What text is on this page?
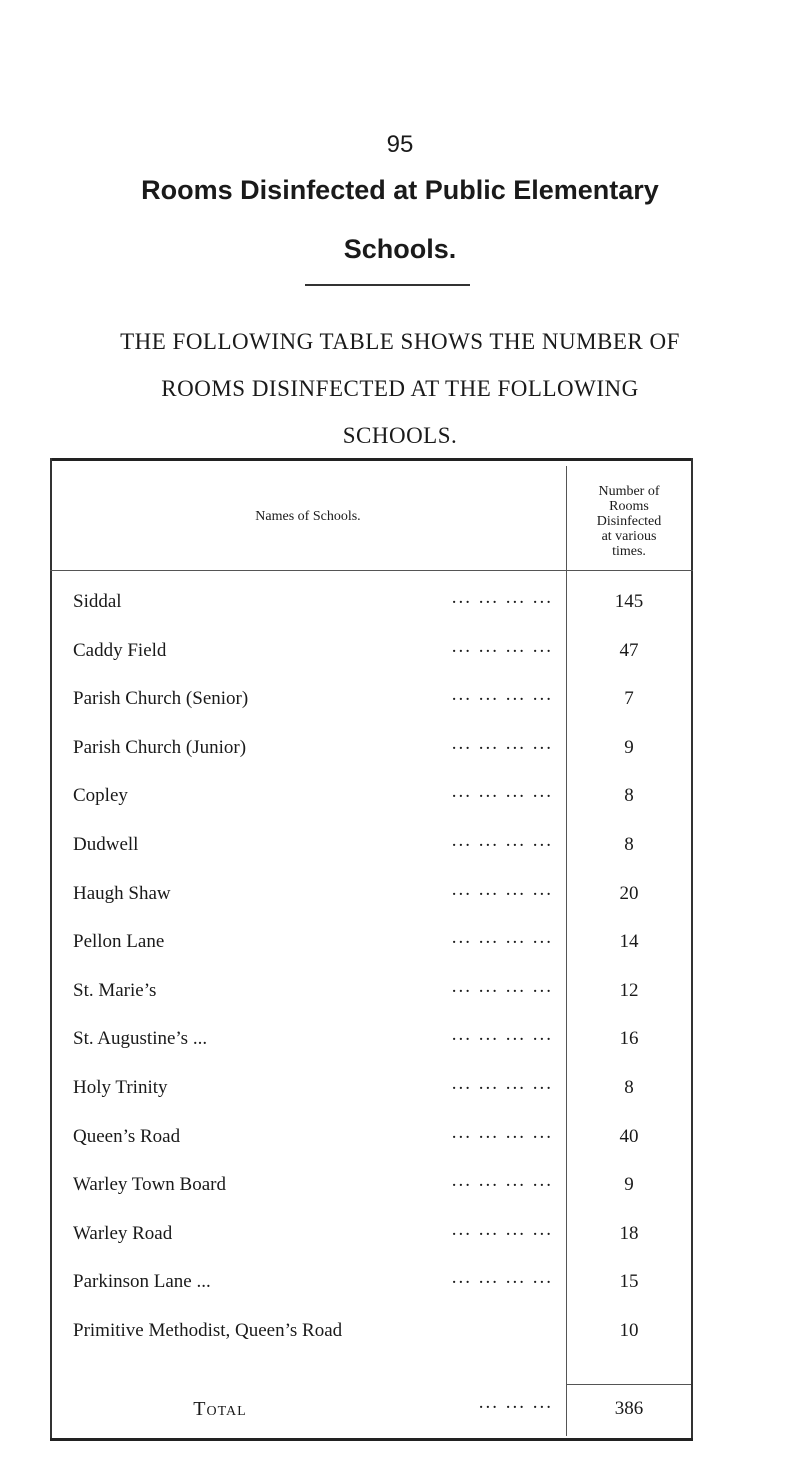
95
Rooms Disinfected at Public Elementary
Schools.
THE FOLLOWING TABLE SHOWS THE NUMBER OF
ROOMS DISINFECTED AT THE FOLLOWING
SCHOOLS.
Names of Schools.
Number of
Rooms
Disinfected
at various
times.
Siddal	... ... ... ...	145
Caddy Field	... ... ... ...	47
Parish Church (Senior)	... ... ... ...	7
Parish Church (Junior)	... ... ... ...	9
Copley	... ... ... ...	8
Dudwell	... ... ... ...	8
Haugh Shaw	... ... ... ...	20
Pellon Lane	... ... ... ...	14
St. Marie’s	... ... ... ...	12
St. Augustine’s ...	... ... ... ...	16
Holy Trinity	... ... ... ...	8
Queen’s Road	... ... ... ...	40
Warley Town Board	... ... ... ...	9
Warley Road	... ... ... ...	18
Parkinson Lane ...	... ... ... ...	15
Primitive Methodist, Queen’s Road	10
Total	... ... ...	386
